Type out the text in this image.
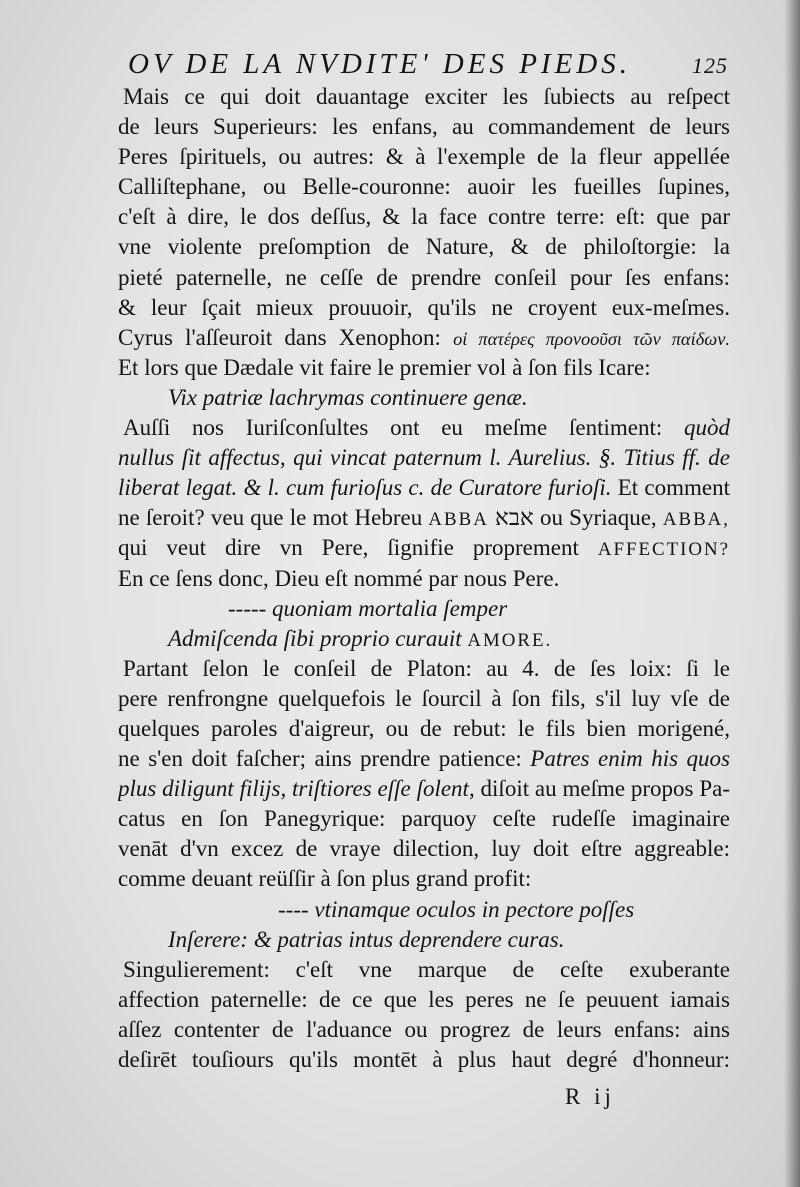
OV DE LA NVDITE' DES PIEDS.	125
Mais ce qui doit dauantage exciter les ſubiects au reſpect
de leurs Superieurs: les enfans, au commandement de leurs
Peres ſpirituels, ou autres: & à l'exemple de la fleur appellée
Calliſtephane, ou Belle-couronne: auoir les fueilles ſupines,
c'eſt à dire, le dos deſſus, & la face contre terre: eſt: que par
vne violente preſomption de Nature, & de philoſtorgie: la
pieté paternelle, ne ceſſe de prendre conſeil pour ſes enfans:
& leur ſçait mieux prouuoir, qu'ils ne croyent eux-meſmes.
Cyrus l'aſſeuroit dans Xenophon: οἱ πατέρες προνοοῦσι τῶν παίδων.
Et lors que Dædale vit faire le premier vol à ſon fils Icare:
Vix patriæ lachrymas continuere genæ.
Auſſi nos Iuriſconſultes ont eu meſme ſentiment: quòd
nullus ſit affectus, qui vincat paternum l. Aurelius. §. Titius ff. de
liberat legat. & l. cum furioſus c. de Curatore furioſi. Et comment
ne ſeroit? veu que le mot Hebreu ABBA אבא ou Syriaque, ABBA,
qui veut dire vn Pere, ſignifie proprement AFFECTION?
En ce ſens donc, Dieu eſt nommé par nous Pere.
----- quoniam mortalia ſemper
Admiſcenda ſibi proprio curauit AMORE.
Partant ſelon le conſeil de Platon: au 4. de ſes loix: ſi le
pere renfrongne quelquefois le ſourcil à ſon fils, s'il luy vſe de
quelques paroles d'aigreur, ou de rebut: le fils bien morigené,
ne s'en doit faſcher; ains prendre patience: Patres enim his quos
plus diligunt filijs, triſtiores eſſe ſolent, diſoit au meſme propos Pa-
catus en ſon Panegyrique: parquoy ceſte rudeſſe imaginaire
venāt d'vn excez de vraye dilection, luy doit eſtre aggreable:
comme deuant reüſſir à ſon plus grand profit:
---- vtinamque oculos in pectore poſſes
Inſerere: & patrias intus deprendere curas.
Singulierement: c'eſt vne marque de ceſte exuberante
affection paternelle: de ce que les peres ne ſe peuuent iamais
aſſez contenter de l'aduance ou progrez de leurs enfans: ains
deſirēt touſiours qu'ils montēt à plus haut degré d'honneur:
R ij
